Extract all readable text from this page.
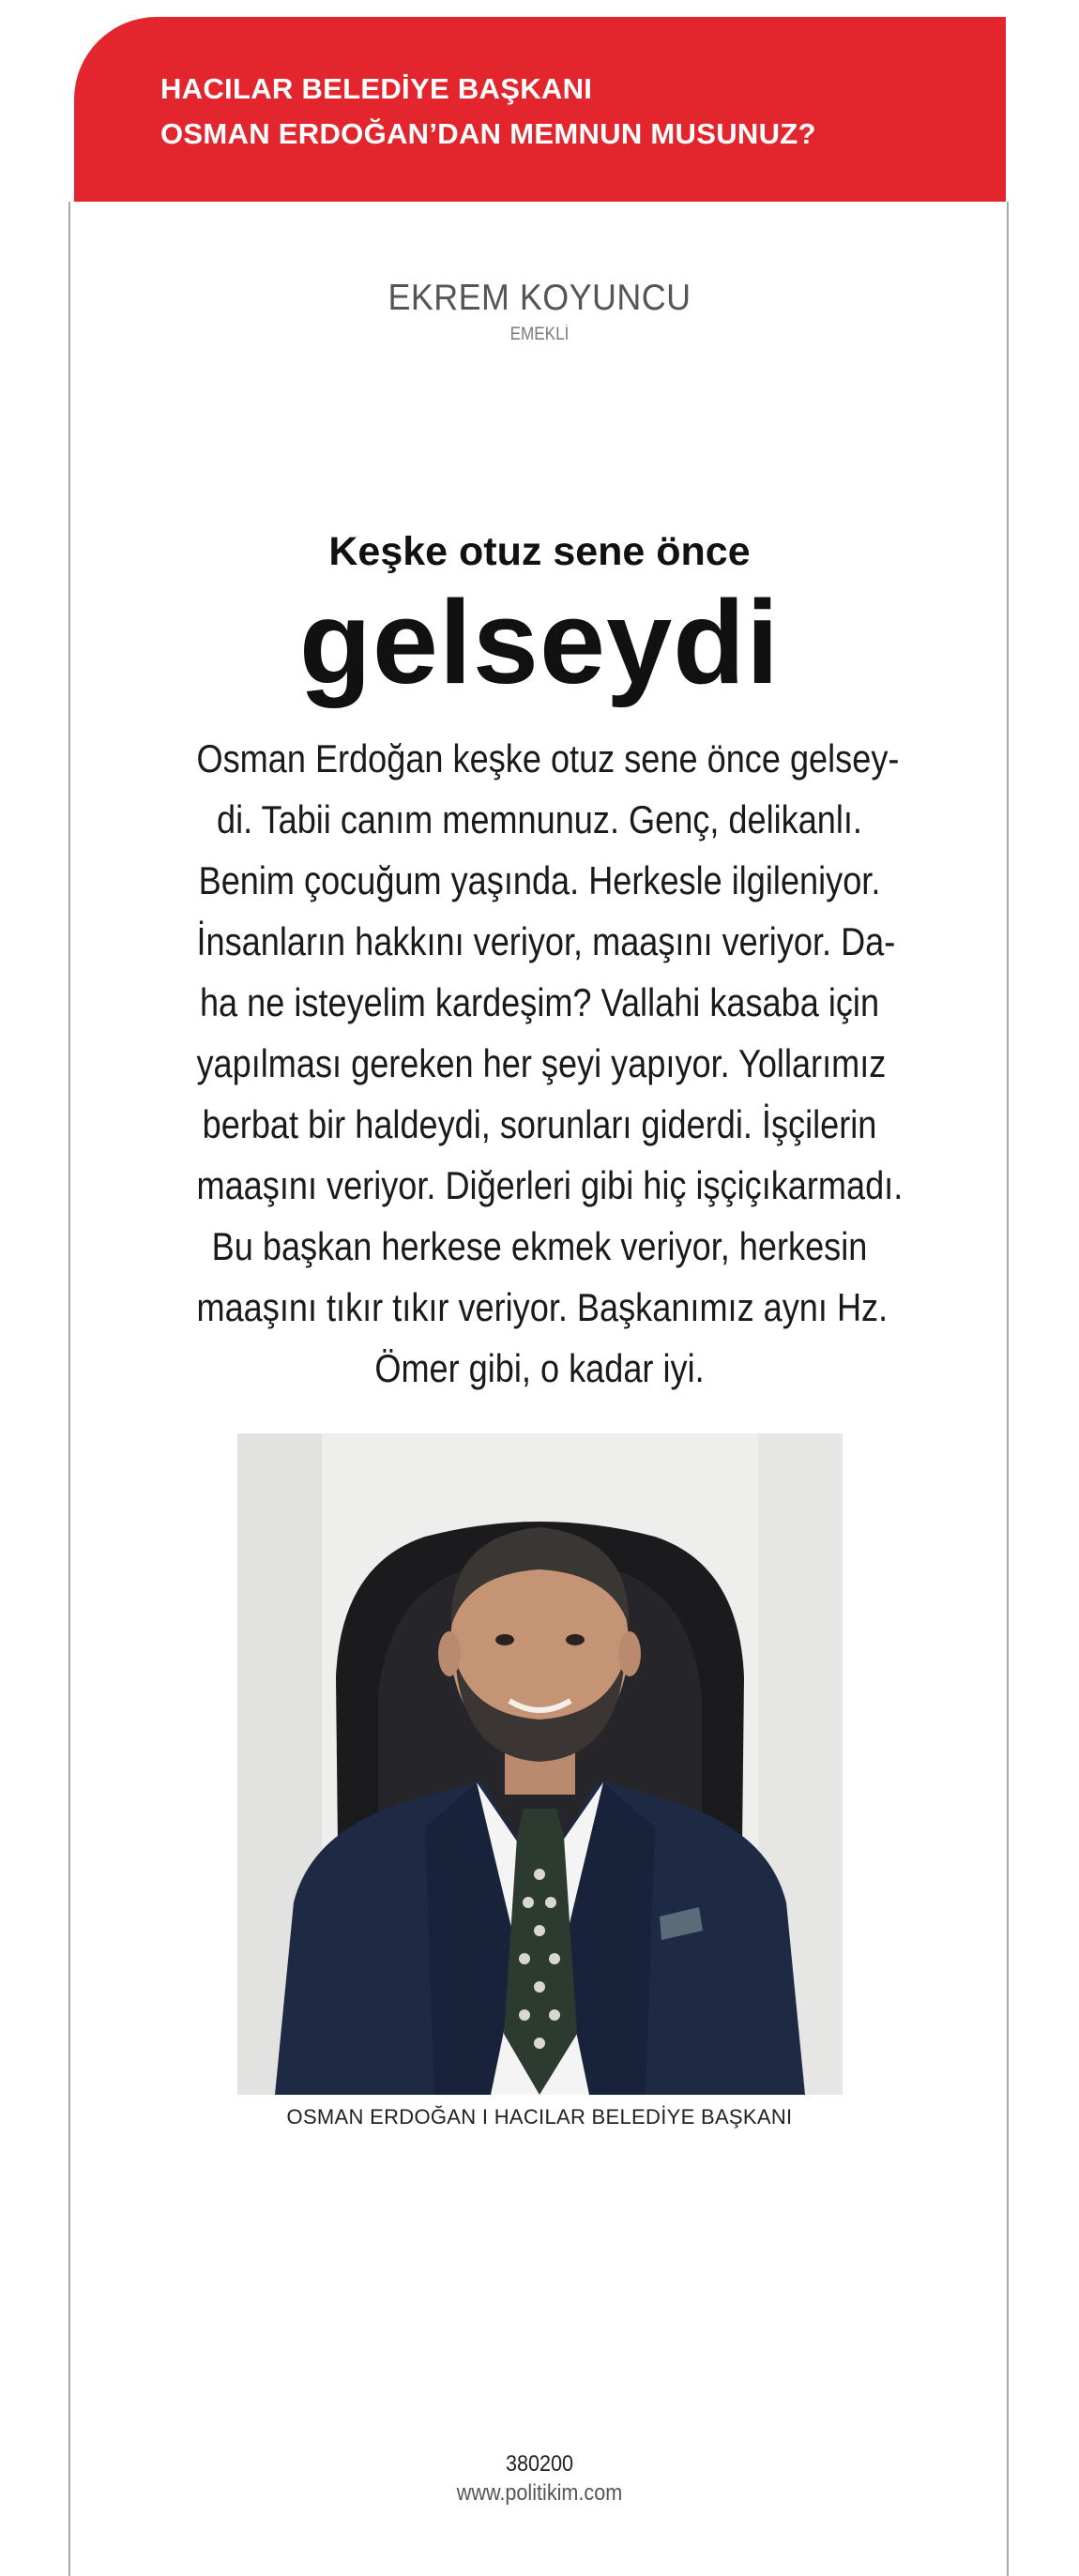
HACILAR BELEDİYE BAŞKANI
OSMAN ERDOĞAN’DAN MEMNUN MUSUNUZ?
EKREM KOYUNCU
EMEKLİ
Keşke otuz sene önce
gelseydi
Osman Erdoğan keşke otuz sene önce gelsey-
di. Tabii canım memnunuz. Genç, delikanlı.
Benim çocuğum yaşında. Herkesle ilgileniyor.
İnsanların hakkını veriyor, maaşını veriyor. Da-
ha ne isteyelim kardeşim? Vallahi kasaba için
yapılması gereken her şeyi yapıyor. Yollarımız
berbat bir haldeydi, sorunları giderdi. İşçilerin
maaşını veriyor. Diğerleri gibi hiç işçiçıkarmadı.
Bu başkan herkese ekmek veriyor, herkesin
maaşını tıkır tıkır veriyor. Başkanımız aynı Hz.
Ömer gibi, o kadar iyi.
OSMAN ERDOĞAN I HACILAR BELEDİYE BAŞKANI
380200
www.politikim.com
